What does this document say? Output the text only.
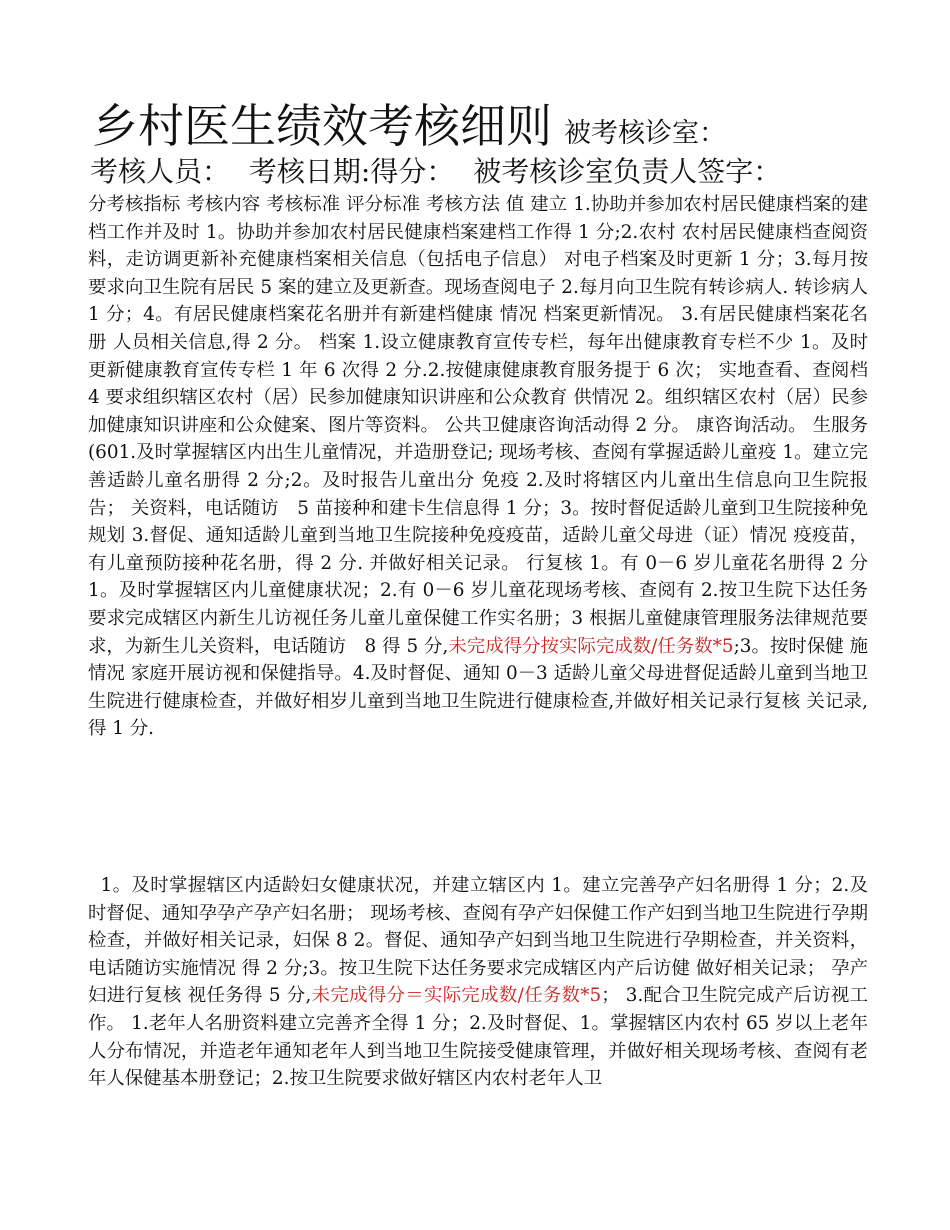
乡村医生绩效考核细则 被考核诊室：
考核人员： 考核日期:得分： 被考核诊室负责人签字：
分考核指标 考核内容 考核标准 评分标准 考核方法 值 建立 1.协助并参加农村居民健康档案的建档工作并及时 1。协助并参加农村居民健康档案建档工作得 1 分;2.农村 农村居民健康档查阅资料，走访调更新补充健康档案相关信息（包括电子信息） 对电子档案及时更新 1 分；3.每月按要求向卫生院有居民 5 案的建立及更新查。现场查阅电子 2.每月向卫生院有转诊病人. 转诊病人 1 分；4。有居民健康档案花名册并有新建档健康 情况 档案更新情况。 3.有居民健康档案花名册 人员相关信息,得 2 分。 档案 1.设立健康教育宣传专栏，每年出健康教育专栏不少 1。及时更新健康教育宣传专栏 1 年 6 次得 2 分.2.按健康健康教育服务提于 6 次； 实地查看、查阅档　4 要求组织辖区农村（居）民参加健康知识讲座和公众教育 供情况 2。组织辖区农村（居）民参加健康知识讲座和公众健案、图片等资料。 公共卫健康咨询活动得 2 分。 康咨询活动。 生服务(601.及时掌握辖区内出生儿童情况，并造册登记; 现场考核、查阅有掌握适龄儿童疫 1。建立完善适龄儿童名册得 2 分;2。及时报告儿童出分 免疫 2.及时将辖区内儿童出生信息向卫生院报告； 关资料，电话随访　5 苗接种和建卡生信息得 1 分；3。按时督促适龄儿童到卫生院接种免规划 3.督促、通知适龄儿童到当地卫生院接种免疫疫苗，适龄儿童父母进（证）情况 疫疫苗，有儿童预防接种花名册，得 2 分. 并做好相关记录。 行复核 1。有 0－6 岁儿童花名册得 2 分 1。及时掌握辖区内儿童健康状况；2.有 0－6 岁儿童花现场考核、查阅有 2.按卫生院下达任务要求完成辖区内新生儿访视任务儿童儿童保健工作实名册；3 根据儿童健康管理服务法律规范要求，为新生儿关资料，电话随访　8 得 5 分,未完成得分按实际完成数/任务数*5;3。按时保健 施情况 家庭开展访视和保健指导。4.及时督促、通知 0－3 适龄儿童父母进督促适龄儿童到当地卫生院进行健康检查，并做好相岁儿童到当地卫生院进行健康检查,并做好相关记录行复核 关记录,得 1 分.
1。及时掌握辖区内适龄妇女健康状况，并建立辖区内 1。建立完善孕产妇名册得 1 分；2.及时督促、通知孕孕产孕产妇名册； 现场考核、查阅有孕产妇保健工作产妇到当地卫生院进行孕期检查，并做好相关记录，妇保 8 2。督促、通知孕产妇到当地卫生院进行孕期检查，并关资料，电话随访实施情况 得 2 分;3。按卫生院下达任务要求完成辖区内产后访健 做好相关记录； 孕产妇进行复核 视任务得 5 分,未完成得分＝实际完成数/任务数*5； 3.配合卫生院完成产后访视工作。 1.老年人名册资料建立完善齐全得 1 分；2.及时督促、1。掌握辖区内农村 65 岁以上老年人分布情况，并造老年通知老年人到当地卫生院接受健康管理，并做好相关现场考核、查阅有老年人保健基本册登记；2.按卫生院要求做好辖区内农村老年人卫
